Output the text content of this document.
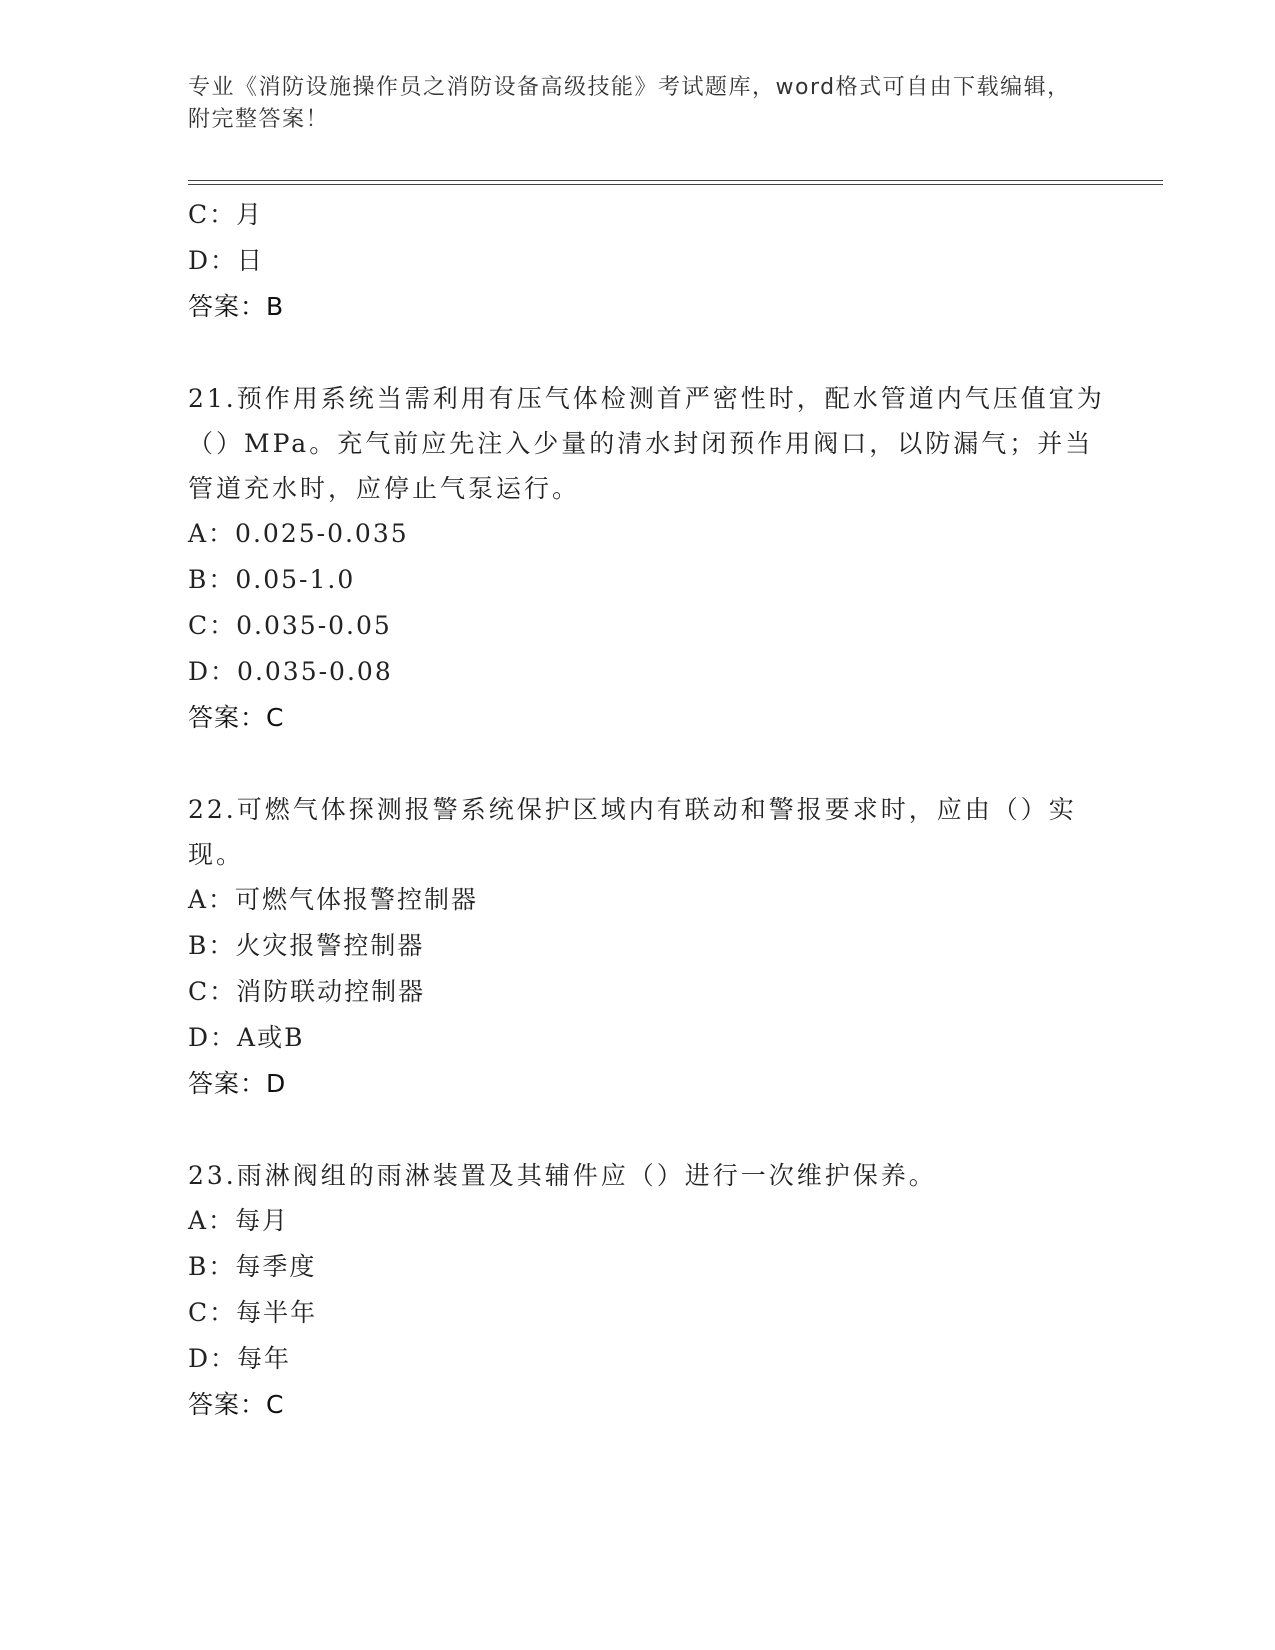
专业《消防设施操作员之消防设备高级技能》考试题库，word格式可自由下载编辑，附完整答案！
C：月
D：日
答案：B
21.预作用系统当需利用有压气体检测首严密性时，配水管道内气压值宜为（）MPa。充气前应先注入少量的清水封闭预作用阀口，以防漏气；并当管道充水时，应停止气泵运行。
A：0.025-0.035
B：0.05-1.0
C：0.035-0.05
D：0.035-0.08
答案：C
22.可燃气体探测报警系统保护区域内有联动和警报要求时，应由（）实现。
A：可燃气体报警控制器
B：火灾报警控制器
C：消防联动控制器
D：A或B
答案：D
23.雨淋阀组的雨淋装置及其辅件应（）进行一次维护保养。
A：每月
B：每季度
C：每半年
D：每年
答案：C
